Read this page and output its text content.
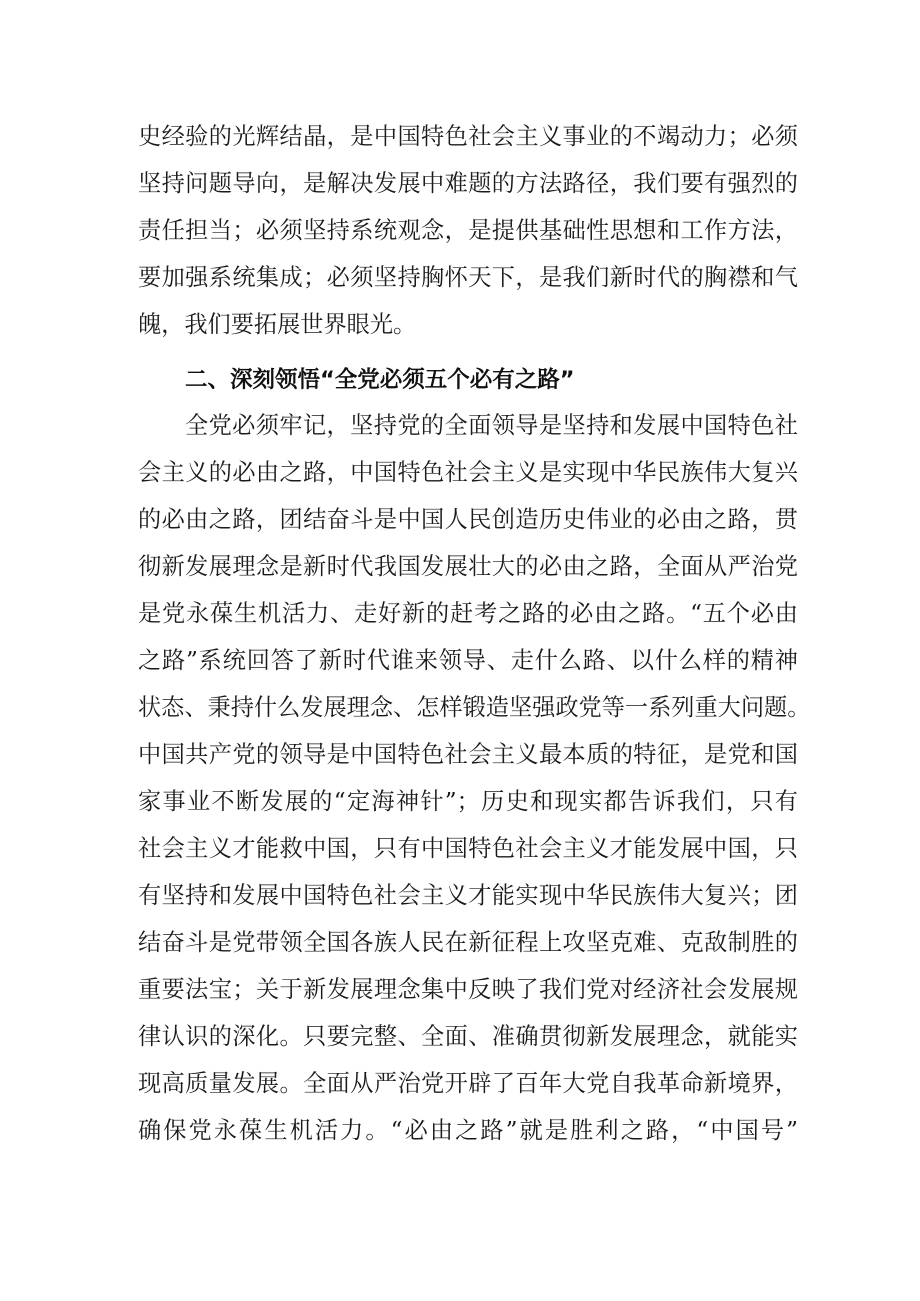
史经验的光辉结晶，是中国特色社会主义事业的不竭动力；必须

坚持问题导向，是解决发展中难题的方法路径，我们要有强烈的

责任担当；必须坚持系统观念，是提供基础性思想和工作方法，

要加强系统集成；必须坚持胸怀天下，是我们新时代的胸襟和气

魄，我们要拓展世界眼光。

二、深刻领悟“全党必须五个必有之路”

全党必须牢记，坚持党的全面领导是坚持和发展中国特色社

会主义的必由之路，中国特色社会主义是实现中华民族伟大复兴

的必由之路，团结奋斗是中国人民创造历史伟业的必由之路，贯

彻新发展理念是新时代我国发展壮大的必由之路，全面从严治党

是党永葆生机活力、走好新的赶考之路的必由之路。“五个必由

之路”系统回答了新时代谁来领导、走什么路、以什么样的精神

状态、秉持什么发展理念、怎样锻造坚强政党等一系列重大问题。

中国共产党的领导是中国特色社会主义最本质的特征，是党和国

家事业不断发展的“定海神针”；历史和现实都告诉我们，只有

社会主义才能救中国，只有中国特色社会主义才能发展中国，只

有坚持和发展中国特色社会主义才能实现中华民族伟大复兴；团

结奋斗是党带领全国各族人民在新征程上攻坚克难、克敌制胜的

重要法宝；关于新发展理念集中反映了我们党对经济社会发展规

律认识的深化。只要完整、全面、准确贯彻新发展理念，就能实

现高质量发展。全面从严治党开辟了百年大党自我革命新境界，

确保党永葆生机活力。“必由之路”就是胜利之路，“中国号”
